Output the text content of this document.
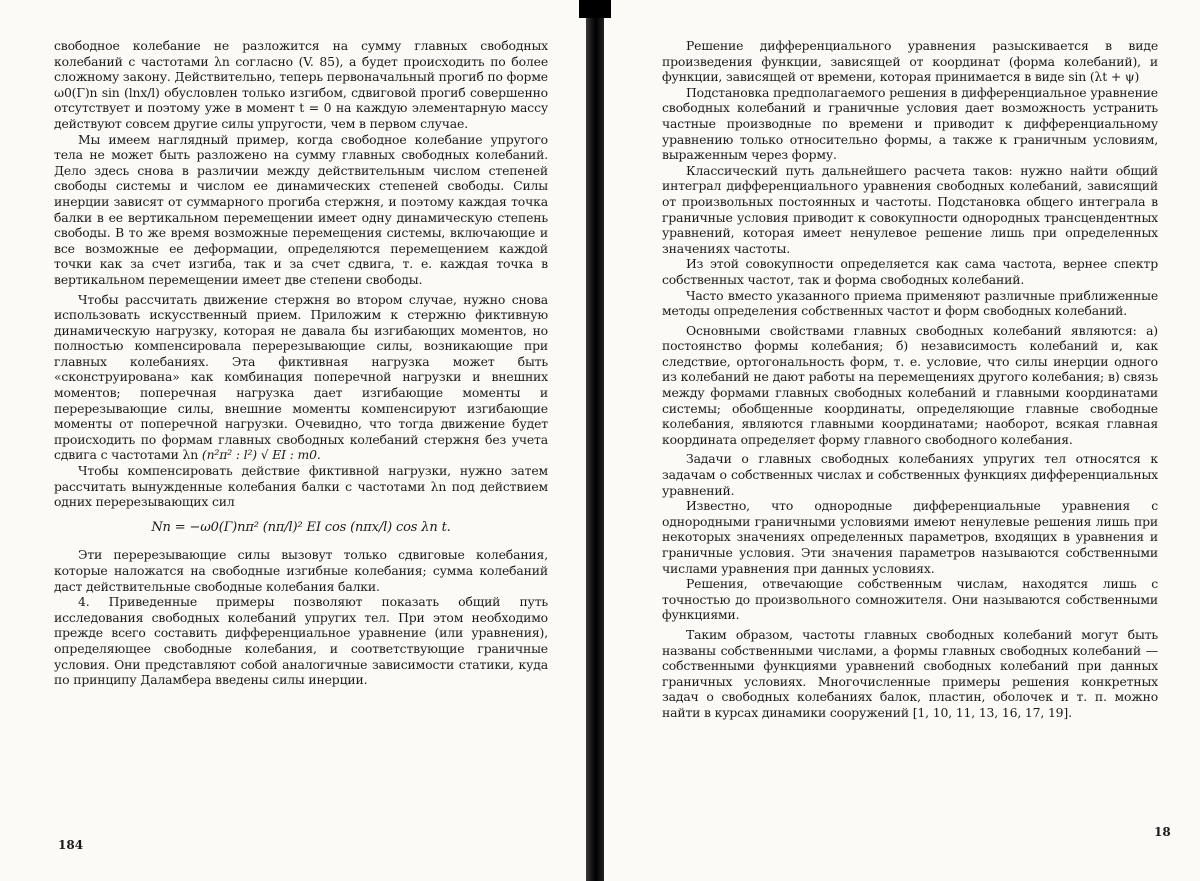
свободное колебание не разложится на сумму главных свободных колебаний с частотами λn согласно (V. 85), а будет происходить по более сложному закону. Действительно, теперь первоначальный прогиб по форме ω0(Γ)n sin (lnx/l) обусловлен только изгибом, сдвиговой прогиб совершенно отсутствует и поэтому уже в момент t = 0 на каждую элементарную массу действуют совсем другие силы упругости, чем в первом случае.

Мы имеем наглядный пример, когда свободное колебание упругого тела не может быть разложено на сумму главных свободных колебаний. Дело здесь снова в различии между действительным числом степеней свободы системы и числом ее динамических степеней свободы. Силы инерции зависят от суммарного прогиба стержня, и поэтому каждая точка балки в ее вертикальном перемещении имеет одну динамическую степень свободы. В то же время возможные перемещения системы, включающие и все возможные ее деформации, определяются перемещением каждой точки как за счет изгиба, так и за счет сдвига, т. е. каждая точка в вертикальном перемещении имеет две степени свободы.

Чтобы рассчитать движение стержня во втором случае, нужно снова использовать искусственный прием. Приложим к стержню фиктивную динамическую нагрузку, которая не давала бы изгибающих моментов, но полностью компенсировала перерезывающие силы, возникающие при главных колебаниях. Эта фиктивная нагрузка может быть «сконструирована» как комбинация поперечной нагрузки и внешних моментов; поперечная нагрузка дает изгибающие моменты и перерезывающие силы, внешние моменты компенсируют изгибающие моменты от поперечной нагрузки. Очевидно, что тогда движение будет происходить по формам главных свободных колебаний стержня без учета сдвига с частотами λn (n²π² : l²) √ EI : m0.

Чтобы компенсировать действие фиктивной нагрузки, нужно затем рассчитать вынужденные колебания балки с частотами λn под действием одних перерезывающих сил

Nn = −ω0(Г)nπ² (nπ/l)² EI cos (nπx/l) cos λn t.

Эти перерезывающие силы вызовут только сдвиговые колебания, которые наложатся на свободные изгибные колебания; сумма колебаний даст действительные свободные колебания балки.

4. Приведенные примеры позволяют показать общий путь исследования свободных колебаний упругих тел. При этом необходимо прежде всего составить дифференциальное уравнение (или уравнения), определяющее свободные колебания, и соответствующие граничные условия. Они представляют собой аналогичные зависимости статики, куда по принципу Даламбера введены силы инерции.

184

Решение дифференциального уравнения разыскивается в виде произведения функции, зависящей от координат (форма колебаний), и функции, зависящей от времени, которая принимается в виде sin (λt + ψ)

Подстановка предполагаемого решения в дифференциальное уравнение свободных колебаний и граничные условия дает возможность устранить частные производные по времени и приводит к дифференциальному уравнению только относительно формы, а также к граничным условиям, выраженным через форму.

Классический путь дальнейшего расчета таков: нужно найти общий интеграл дифференциального уравнения свободных колебаний, зависящий от произвольных постоянных и частоты. Подстановка общего интеграла в граничные условия приводит к совокупности однородных трансцендентных уравнений, которая имеет ненулевое решение лишь при определенных значениях частоты.

Из этой совокупности определяется как сама частота, вернее спектр собственных частот, так и форма свободных колебаний.

Часто вместо указанного приема применяют различные приближенные методы определения собственных частот и форм свободных колебаний.

Основными свойствами главных свободных колебаний являются: а) постоянство формы колебания; б) независимость колебаний и, как следствие, ортогональность форм, т. е. условие, что силы инерции одного из колебаний не дают работы на перемещениях другого колебания; в) связь между формами главных свободных колебаний и главными координатами системы; обобщенные координаты, определяющие главные свободные колебания, являются главными координатами; наоборот, всякая главная координата определяет форму главного свободного колебания.

Задачи о главных свободных колебаниях упругих тел относятся к задачам о собственных числах и собственных функциях дифференциальных уравнений.

Известно, что однородные дифференциальные уравнения с однородными граничными условиями имеют ненулевые решения лишь при некоторых значениях определенных параметров, входящих в уравнения и граничные условия. Эти значения параметров называются собственными числами уравнения при данных условиях.

Решения, отвечающие собственным числам, находятся лишь с точностью до произвольного сомножителя. Они называются собственными функциями.

Таким образом, частоты главных свободных колебаний могут быть названы собственными числами, а формы главных свободных колебаний — собственными функциями уравнений свободных колебаний при данных граничных условиях. Многочисленные примеры решения конкретных задач о свободных колебаниях балок, пластин, оболочек и т. п. можно найти в курсах динамики сооружений [1, 10, 11, 13, 16, 17, 19].

18
